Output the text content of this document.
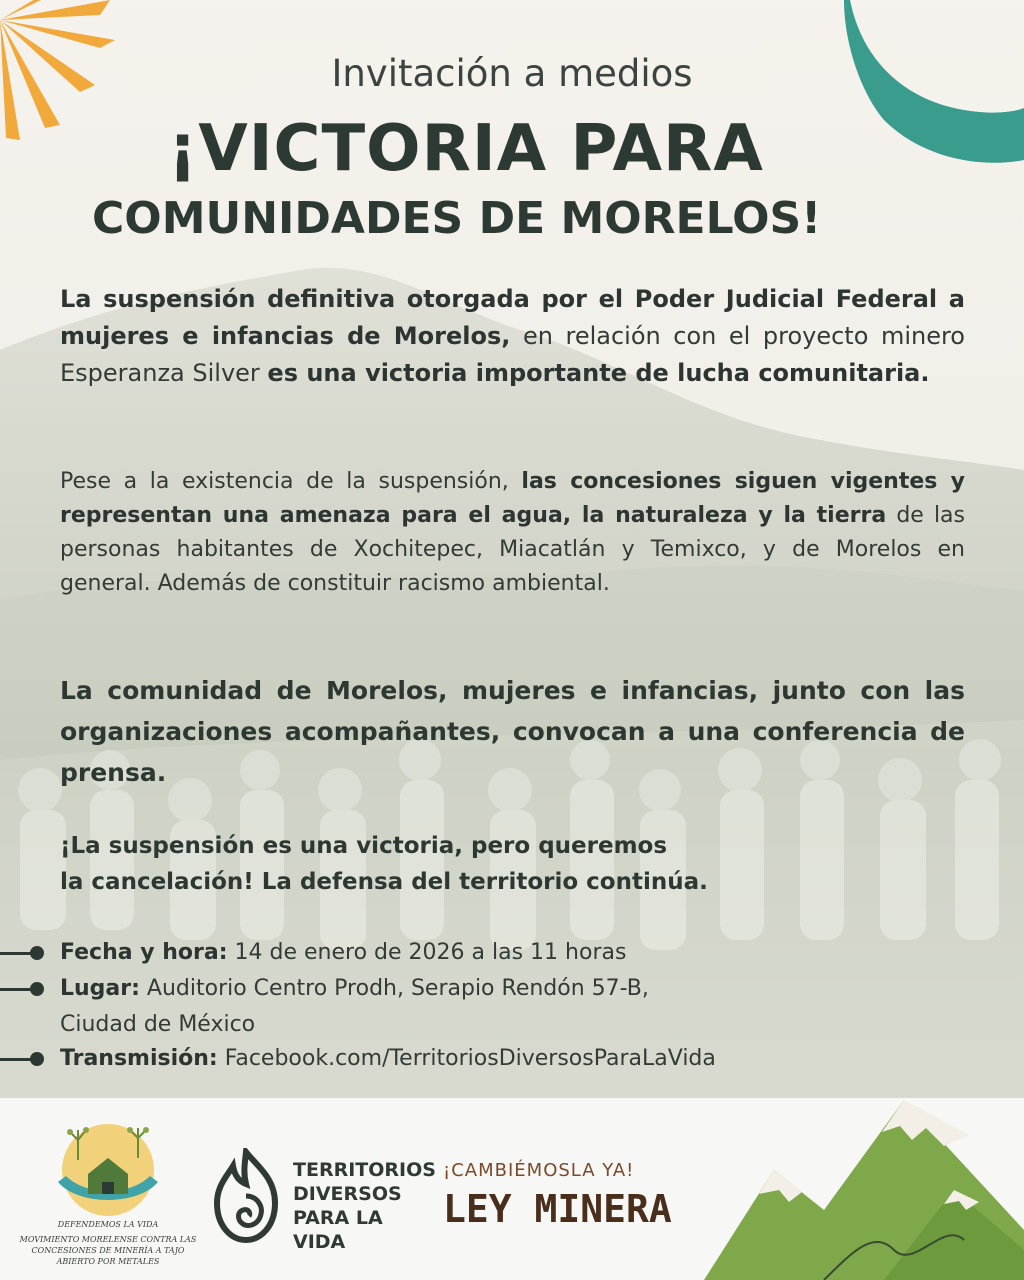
Invitación a medios
¡VICTORIA PARA
COMUNIDADES DE MORELOS!
La suspensión definitiva otorgada por el Poder Judicial Federal a mujeres e infancias de Morelos, en relación con el proyecto minero Esperanza Silver es una victoria importante de lucha comunitaria.
Pese a la existencia de la suspensión, las concesiones siguen vigentes y representan una amenaza para el agua, la naturaleza y la tierra de las personas habitantes de Xochitepec, Miacatlán y Temixco, y de Morelos en general. Además de constituir racismo ambiental.
La comunidad de Morelos, mujeres e infancias, junto con las organizaciones acompañantes, convocan a una conferencia de prensa.
¡La suspensión es una victoria, pero queremos
la cancelación! La defensa del territorio continúa.
Fecha y hora: 14 de enero de 2026 a las 11 horas
Lugar: Auditorio Centro Prodh, Serapio Rendón 57-B,
Ciudad de México
Transmisión: Facebook.com/TerritoriosDiversosParaLaVida
DEFENDEMOS LA VIDA
MOVIMIENTO MORELENSE CONTRA LAS CONCESIONES DE MINERÍA A TAJO ABIERTO POR METALES
TERRITORIOS
DIVERSOS
PARA LA VIDA
¡CAMBIÉMOSLA YA!
LEY MINERA
